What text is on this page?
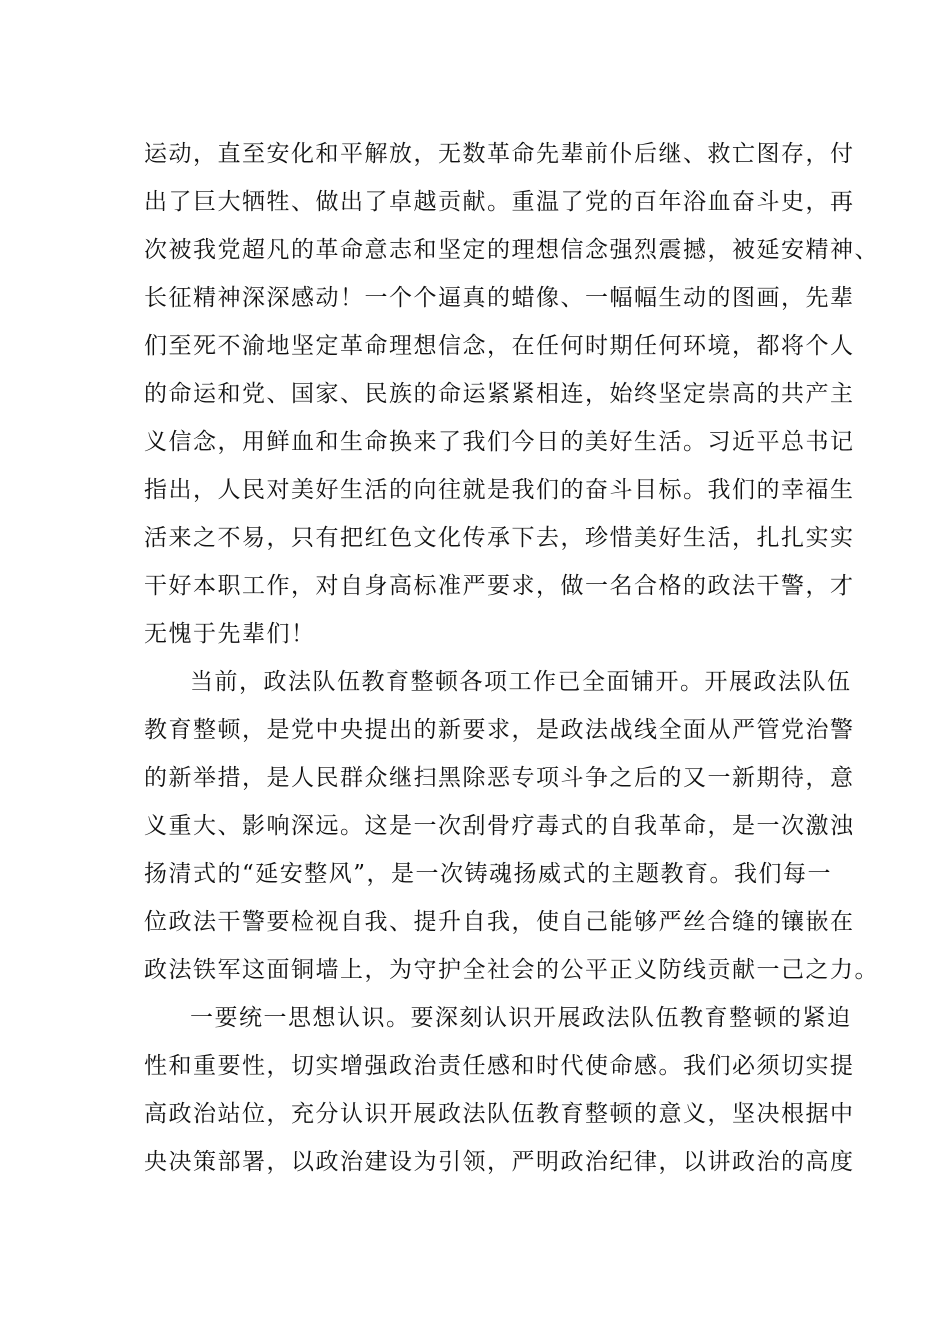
运动，直至安化和平解放，无数革命先辈前仆后继、救亡图存，付
出了巨大牺牲、做出了卓越贡献。重温了党的百年浴血奋斗史，再
次被我党超凡的革命意志和坚定的理想信念强烈震撼，被延安精神、
长征精神深深感动！一个个逼真的蜡像、一幅幅生动的图画，先辈
们至死不渝地坚定革命理想信念，在任何时期任何环境，都将个人
的命运和党、国家、民族的命运紧紧相连，始终坚定崇高的共产主
义信念，用鲜血和生命换来了我们今日的美好生活。习近平总书记
指出，人民对美好生活的向往就是我们的奋斗目标。我们的幸福生
活来之不易，只有把红色文化传承下去，珍惜美好生活，扎扎实实
干好本职工作，对自身高标准严要求，做一名合格的政法干警，才
无愧于先辈们！
当前，政法队伍教育整顿各项工作已全面铺开。开展政法队伍
教育整顿，是党中央提出的新要求，是政法战线全面从严管党治警
的新举措，是人民群众继扫黑除恶专项斗争之后的又一新期待，意
义重大、影响深远。这是一次刮骨疗毒式的自我革命，是一次激浊
扬清式的“延安整风”，是一次铸魂扬威式的主题教育。我们每一
位政法干警要检视自我、提升自我，使自己能够严丝合缝的镶嵌在
政法铁军这面铜墙上，为守护全社会的公平正义防线贡献一己之力。
一要统一思想认识。要深刻认识开展政法队伍教育整顿的紧迫
性和重要性，切实增强政治责任感和时代使命感。我们必须切实提
高政治站位，充分认识开展政法队伍教育整顿的意义，坚决根据中
央决策部署，以政治建设为引领，严明政治纪律，以讲政治的高度
